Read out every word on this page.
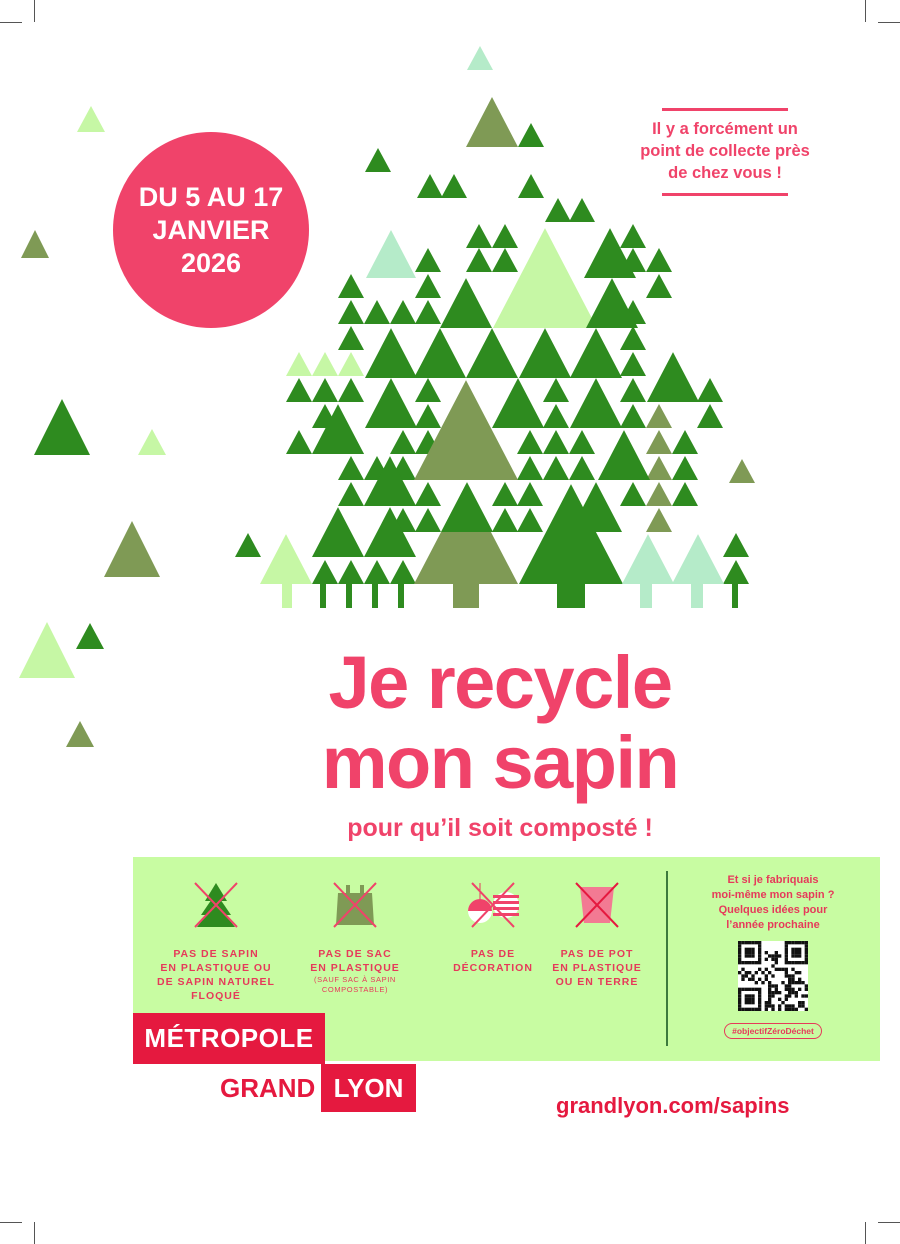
DU 5 AU 17
JANVIER
2026

Il y a forcément un
point de collecte près
de chez vous !

Je recycle
mon sapin
pour qu’il soit composté !
PAS DE SAPIN
EN PLASTIQUE OU
DE SAPIN NATUREL
FLOQUÉ
PAS DE SAC
EN PLASTIQUE
(SAUF SAC À SAPIN
COMPOSTABLE)
PAS DE
DÉCORATION
PAS DE POT
EN PLASTIQUE
OU EN TERRE

Et si je fabriquais
moi-même mon sapin ?
Quelques idées pour
l’année prochaine

#objectifZéroDéchet
MÉTROPOLE
GRAND LYON
grandlyon.com/sapins
